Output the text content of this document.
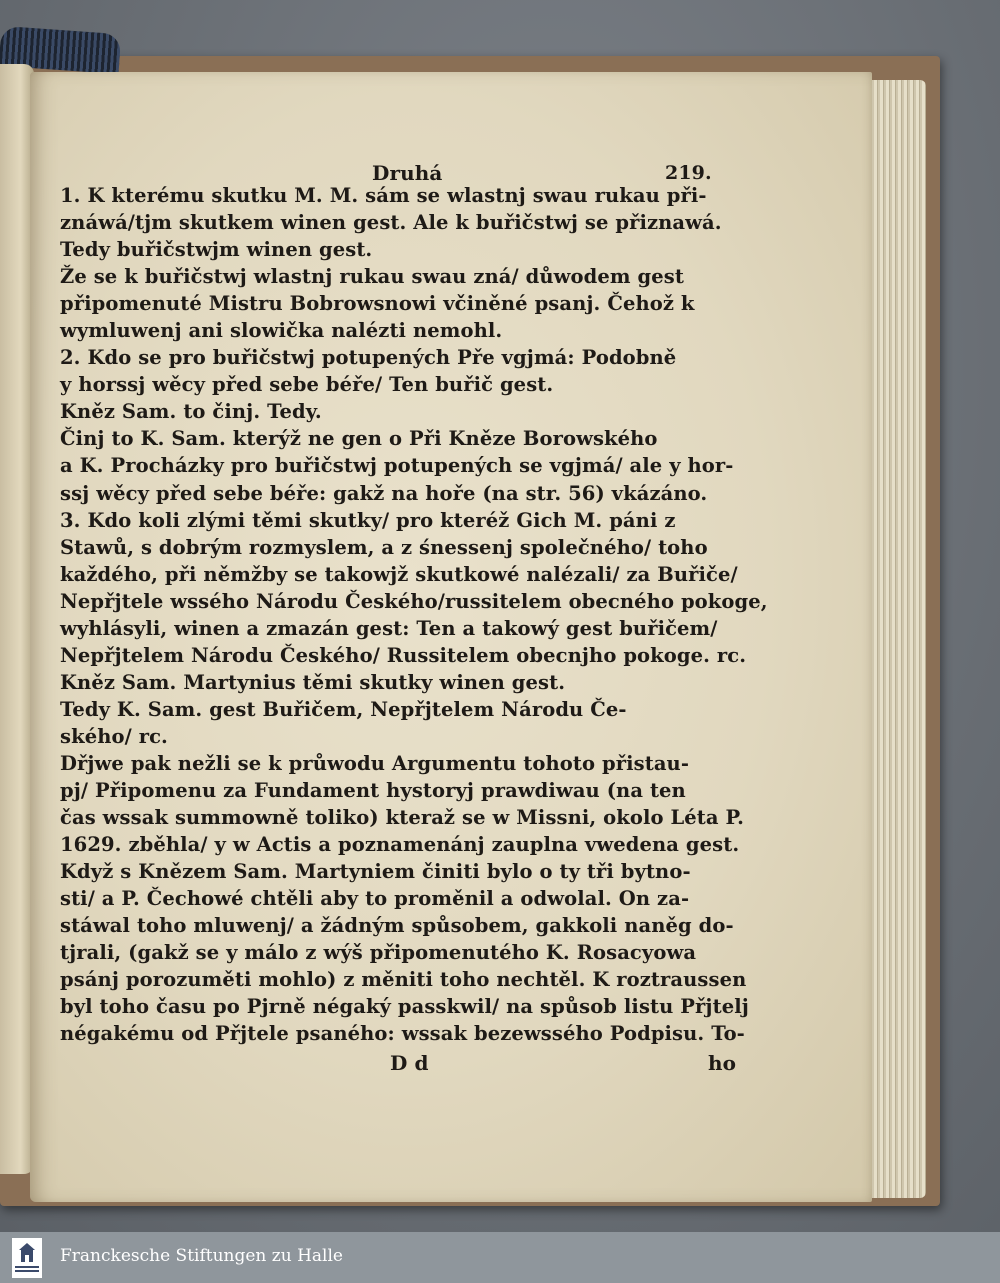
Druhá	219.
1. K kterému skutku M. M. sám se wlastnj swau rukau při-
znáwá/tjm skutkem winen gest. Ale k buřičstwj se přiznawá.
Tedy buřičstwjm winen gest.
Že se k buřičstwj wlastnj rukau swau zná/ důwodem gest
připomenuté Mistru Bobrowsnowi včiněné psanj. Čehož k
wymluwenj ani slowička nalézti nemohl.
2. Kdo se pro buřičstwj potupených Pře vgjmá: Podobně
y horssj wěcy před sebe béře/ Ten buřič gest.
Kněz Sam. to činj. Tedy.
Činj to K. Sam. kterýž ne gen o Při Kněze Borowského
a K. Procházky pro buřičstwj potupených se vgjmá/ ale y hor-
ssj wěcy před sebe béře: gakž na hoře (na str. 56) vkázáno.
3. Kdo koli zlými těmi skutky/ pro kteréž Gich M. páni z
Stawů, s dobrým rozmyslem, a z śnessenj společného/ toho
každého, při němžby se takowjž skutkowé nalézali/ za Buřiče/
Nepřjtele wssého Národu Českého/russitelem obecného pokoge,
wyhlásyli, winen a zmazán gest: Ten a takowý gest buřičem/
Nepřjtelem Národu Českého/ Russitelem obecnjho pokoge. rc.
Kněz Sam. Martynius těmi skutky winen gest.
Tedy K. Sam. gest Buřičem, Nepřjtelem Národu Če-
ského/ rc.
Dřjwe pak nežli se k průwodu Argumentu tohoto přistau-
pj/ Připomenu za Fundament hystoryj prawdiwau (na ten
čas wssak summowně toliko) kteraž se w Missni, okolo Léta P.
1629. zběhla/ y w Actis a poznamenánj zauplna vwedena gest.
Když s Knězem Sam. Martyniem činiti bylo o ty tři bytno-
sti/ a P. Čechowé chtěli aby to proměnil a odwolal. On za-
stáwal toho mluwenj/ a žádným spůsobem, gakkoli naněg do-
tjrali, (gakž se y málo z wýš připomenutého K. Rosacyowa
psánj porozuměti mohlo) z měniti toho nechtěl. K roztraussen
byl toho času po Pjrně négaký passkwil/ na spůsob listu Přjtelj
négakému od Přjtele psaného: wssak bezewssého Podpisu. To-
D d	ho
Franckesche Stiftungen zu Halle
